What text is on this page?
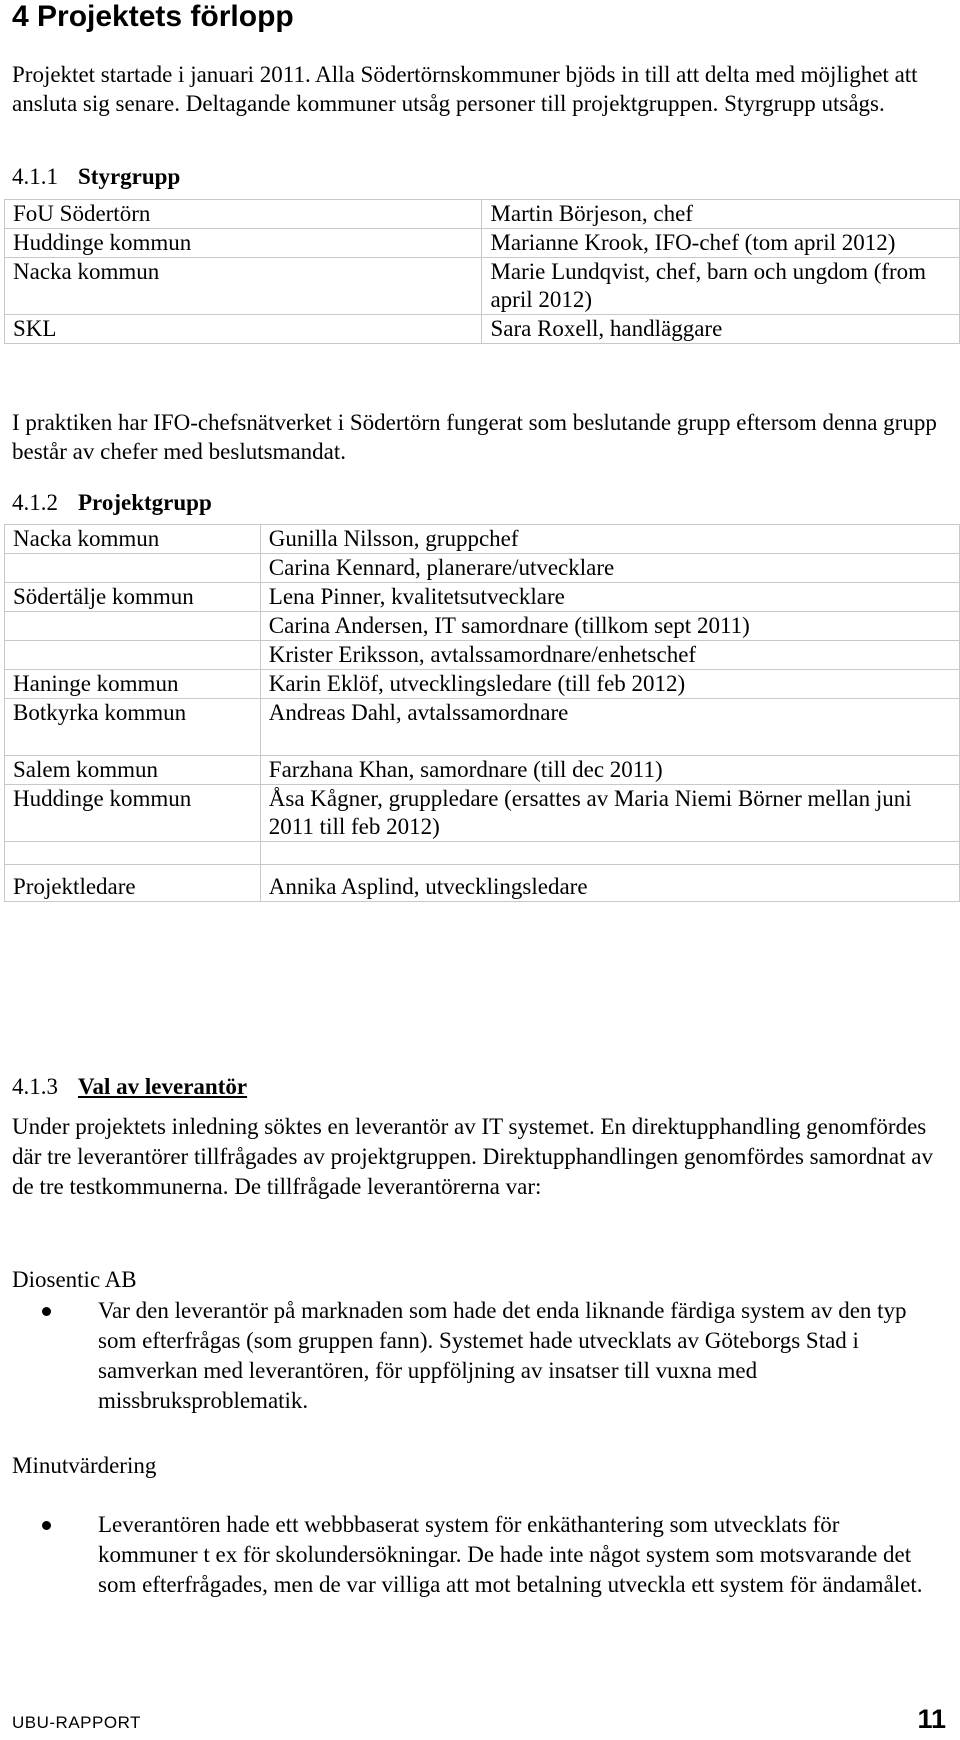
4 Projektets förlopp
Projektet startade i januari 2011. Alla Södertörnskommuner bjöds in till att delta med möjlighet att ansluta sig senare. Deltagande kommuner utsåg personer till projektgruppen. Styrgrupp utsågs.
4.1.1 Styrgrupp
FoU Södertörn	Martin Börjeson, chef
Huddinge kommun	Marianne Krook, IFO-chef (tom april 2012)
Nacka kommun	Marie Lundqvist, chef, barn och ungdom (from april 2012)
SKL	Sara Roxell, handläggare
I praktiken har IFO-chefsnätverket i Södertörn fungerat som beslutande grupp eftersom denna grupp består av chefer med beslutsmandat.
4.1.2 Projektgrupp
Nacka kommun	Gunilla Nilsson, gruppchef
	Carina Kennard, planerare/utvecklare
Södertälje kommun	Lena Pinner, kvalitetsutvecklare
	Carina Andersen, IT samordnare (tillkom sept 2011)
	Krister Eriksson, avtalssamordnare/enhetschef
Haninge kommun	Karin Eklöf, utvecklingsledare (till feb 2012)
Botkyrka kommun	Andreas Dahl, avtalssamordnare
Salem kommun	Farzhana Khan, samordnare (till dec 2011)
Huddinge kommun	Åsa Kågner, gruppledare (ersattes av Maria Niemi Börner mellan juni 2011 till feb 2012)

Projektledare	Annika Asplind, utvecklingsledare
4.1.3 Val av leverantör
Under projektets inledning söktes en leverantör av IT systemet. En direktupphandling genomfördes där tre leverantörer tillfrågades av projektgruppen. Direktupphandlingen genomfördes samordnat av de tre testkommunerna. De tillfrågade leverantörerna var:
Diosentic AB
Var den leverantör på marknaden som hade det enda liknande färdiga system av den typ som efterfrågas (som gruppen fann). Systemet hade utvecklats av Göteborgs Stad i samverkan med leverantören, för uppföljning av insatser till vuxna med missbruksproblematik.
Minutvärdering
Leverantören hade ett webbbaserat system för enkäthantering som utvecklats för kommuner t ex för skolundersökningar. De hade inte något system som motsvarande det som efterfrågades, men de var villiga att mot betalning utveckla ett system för ändamålet.
UBU-RAPPORT	11
